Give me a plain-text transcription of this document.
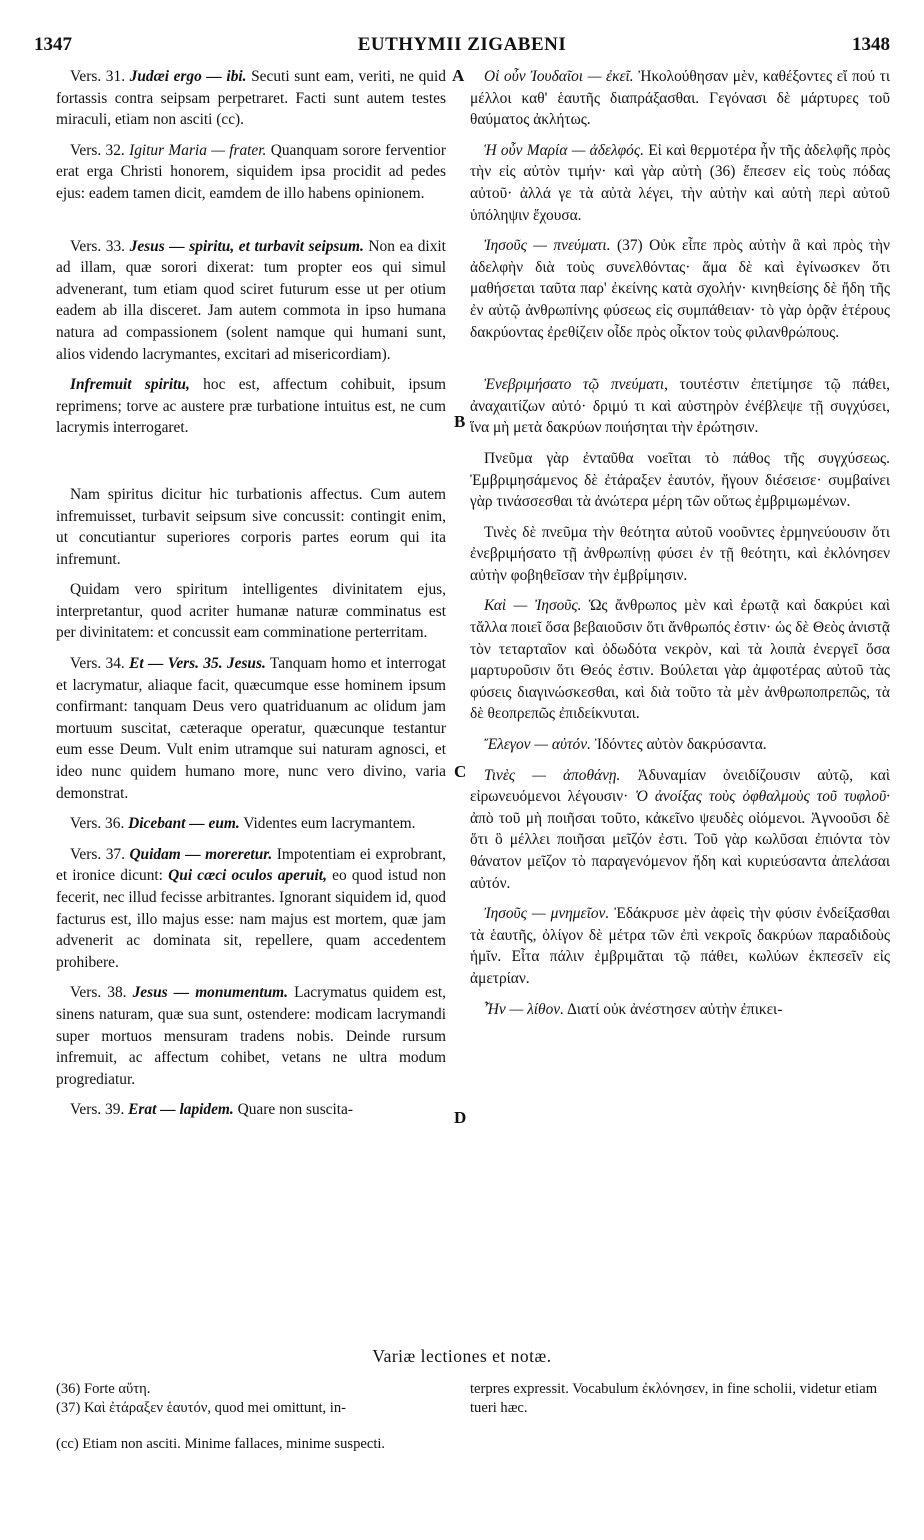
1347	EUTHYMII ZIGABENI	1348
A
B
C
D

Vers. 31. Judæi ergo — ibi. Secuti sunt eam, veriti, ne quid fortassis contra seipsam perpetraret. Facti sunt autem testes miraculi, etiam non asciti (cc).

Vers. 32. Igitur Maria — frater. Quanquam sorore ferventior erat erga Christi honorem, siquidem ipsa procidit ad pedes ejus: eadem tamen dicit, eamdem de illo habens opinionem.

Vers. 33. Jesus — spiritu, et turbavit seipsum. Non ea dixit ad illam, quæ sorori dixerat: tum propter eos qui simul advenerant, tum etiam quod sciret futurum esse ut per otium eadem ab illa disceret. Jam autem commota in ipso humana natura ad compassionem (solent namque qui humani sunt, alios videndo lacrymantes, excitari ad misericordiam).

Infremuit spiritu, hoc est, affectum cohibuit, ipsum reprimens; torve ac austere præ turbatione intuitus est, ne cum lacrymis interrogaret.

Nam spiritus dicitur hic turbationis affectus. Cum autem infremuisset, turbavit seipsum sive concussit: contingit enim, ut concutiantur superiores corporis partes eorum qui ita infremunt.

Quidam vero spiritum intelligentes divinitatem ejus, interpretantur, quod acriter humanæ naturæ comminatus est per divinitatem: et concussit eam comminatione perterritam.

Vers. 34. Et — Vers. 35. Jesus. Tanquam homo et interrogat et lacrymatur, aliaque facit, quæcumque esse hominem ipsum confirmant: tanquam Deus vero quatriduanum ac olidum jam mortuum suscitat, cæteraque operatur, quæcunque testantur eum esse Deum. Vult enim utramque sui naturam agnosci, et ideo nunc quidem humano more, nunc vero divino, varia demonstrat.

Vers. 36. Dicebant — eum. Videntes eum lacrymantem.

Vers. 37. Quidam — moreretur. Impotentiam ei exprobrant, et ironice dicunt: Qui cæci oculos aperuit, eo quod istud non fecerit, nec illud fecisse arbitrantes. Ignorant siquidem id, quod facturus est, illo majus esse: nam majus est mortem, quæ jam advenerit ac dominata sit, repellere, quam accedentem prohibere.

Vers. 38. Jesus — monumentum. Lacrymatus quidem est, sinens naturam, quæ sua sunt, ostendere: modicam lacrymandi super mortuos mensuram tradens nobis. Deinde rursum infremuit, ac affectum cohibet, vetans ne ultra modum progrediatur.

Vers. 39. Erat — lapidem. Quare non suscita-

Οἱ οὖν Ἰουδαῖοι — ἐκεῖ. Ἠκολούθησαν μὲν, καθέξοντες εἴ πού τι μέλλοι καθ' ἑαυτῆς διαπράξασθαι. Γεγόνασι δὲ μάρτυρες τοῦ θαύματος ἀκλήτως.

Ἡ οὖν Μαρία — ἀδελφός. Εἰ καὶ θερμοτέρα ἦν τῆς ἀδελφῆς πρὸς τὴν εἰς αὐτὸν τιμήν· καὶ γὰρ αὐτὴ (36) ἔπεσεν εἰς τοὺς πόδας αὐτοῦ· ἀλλά γε τὰ αὐτὰ λέγει, τὴν αὐτὴν καὶ αὐτὴ περὶ αὐτοῦ ὑπόληψιν ἔχουσα.

Ἰησοῦς — πνεύματι. (37) Οὐκ εἶπε πρὸς αὐτὴν ἃ καὶ πρὸς τὴν ἀδελφὴν διὰ τοὺς συνελθόντας· ἅμα δὲ καὶ ἐγίνωσκεν ὅτι μαθήσεται ταῦτα παρ' ἐκείνης κατὰ σχολήν· κινηθείσης δὲ ἤδη τῆς ἐν αὐτῷ ἀνθρωπίνης φύσεως εἰς συμπάθειαν· τὸ γὰρ ὁρᾷν ἑτέρους δακρύοντας ἐρεθίζειν οἶδε πρὸς οἶκτον τοὺς φιλανθρώπους.

Ἐνεβριμήσατο τῷ πνεύματι, τουτέστιν ἐπετίμησε τῷ πάθει, ἀναχαιτίζων αὐτό· δριμύ τι καὶ αὐστηρὸν ἐνέβλεψε τῇ συγχύσει, ἵνα μὴ μετὰ δακρύων ποιήσηται τὴν ἐρώτησιν.

Πνεῦμα γὰρ ἐνταῦθα νοεῖται τὸ πάθος τῆς συγχύσεως. Ἐμβριμησάμενος δὲ ἐτάραξεν ἑαυτόν, ἤγουν διέσεισε· συμβαίνει γὰρ τινάσσεσθαι τὰ ἀνώτερα μέρη τῶν οὕτως ἐμβριμωμένων.

Τινὲς δὲ πνεῦμα τὴν θεότητα αὐτοῦ νοοῦντες ἑρμηνεύουσιν ὅτι ἐνεβριμήσατο τῇ ἀνθρωπίνῃ φύσει ἐν τῇ θεότητι, καὶ ἐκλόνησεν αὐτὴν φοβηθεῖσαν τὴν ἐμβρίμησιν.

Καὶ — Ἰησοῦς. Ὡς ἄνθρωπος μὲν καὶ ἐρωτᾷ καὶ δακρύει καὶ τἄλλα ποιεῖ ὅσα βεβαιοῦσιν ὅτι ἄνθρωπός ἐστιν· ὡς δὲ Θεὸς ἀνιστᾷ τὸν τεταρταῖον καὶ ὀδωδότα νεκρὸν, καὶ τὰ λοιπὰ ἐνεργεῖ ὅσα μαρτυροῦσιν ὅτι Θεός ἐστιν. Βούλεται γὰρ ἀμφοτέρας αὐτοῦ τὰς φύσεις διαγινώσκεσθαι, καὶ διὰ τοῦτο τὰ μὲν ἀνθρωποπρεπῶς, τὰ δὲ θεοπρεπῶς ἐπιδείκνυται.

Ἔλεγον — αὐτόν. Ἰδόντες αὐτὸν δακρύσαντα.

Τινὲς — ἀποθάνῃ. Ἀδυναμίαν ὀνειδίζουσιν αὐτῷ, καὶ εἰρωνευόμενοι λέγουσιν· Ὁ ἀνοίξας τοὺς ὀφθαλμοὺς τοῦ τυφλοῦ· ἀπὸ τοῦ μὴ ποιῆσαι τοῦτο, κἀκεῖνο ψευδὲς οἰόμενοι. Ἀγνοοῦσι δὲ ὅτι ὃ μέλλει ποιῆσαι μεῖζόν ἐστι. Τοῦ γὰρ κωλῦσαι ἐπιόντα τὸν θάνατον μεῖζον τὸ παραγενόμενον ἤδη καὶ κυριεύσαντα ἀπελάσαι αὐτόν.

Ἰησοῦς — μνημεῖον. Ἐδάκρυσε μὲν ἀφεὶς τὴν φύσιν ἐνδείξασθαι τὰ ἑαυτῆς, ὀλίγον δὲ μέτρα τῶν ἐπὶ νεκροῖς δακρύων παραδιδοὺς ἡμῖν. Εἶτα πάλιν ἐμβριμᾶται τῷ πάθει, κωλύων ἐκπεσεῖν εἰς ἀμετρίαν.

Ἦν — λίθον. Διατί οὐκ ἀνέστησεν αὐτὴν ἐπικει-

Variæ lectiones et notæ.
(36) Forte αὕτη.
(37) Καὶ ἐτάραξεν ἑαυτόν, quod mei omittunt, in-
terpres expressit. Vocabulum ἐκλόνησεν, in fine scholii, videtur etiam tueri hæc.
(cc) Etiam non asciti. Minime fallaces, minime suspecti.
